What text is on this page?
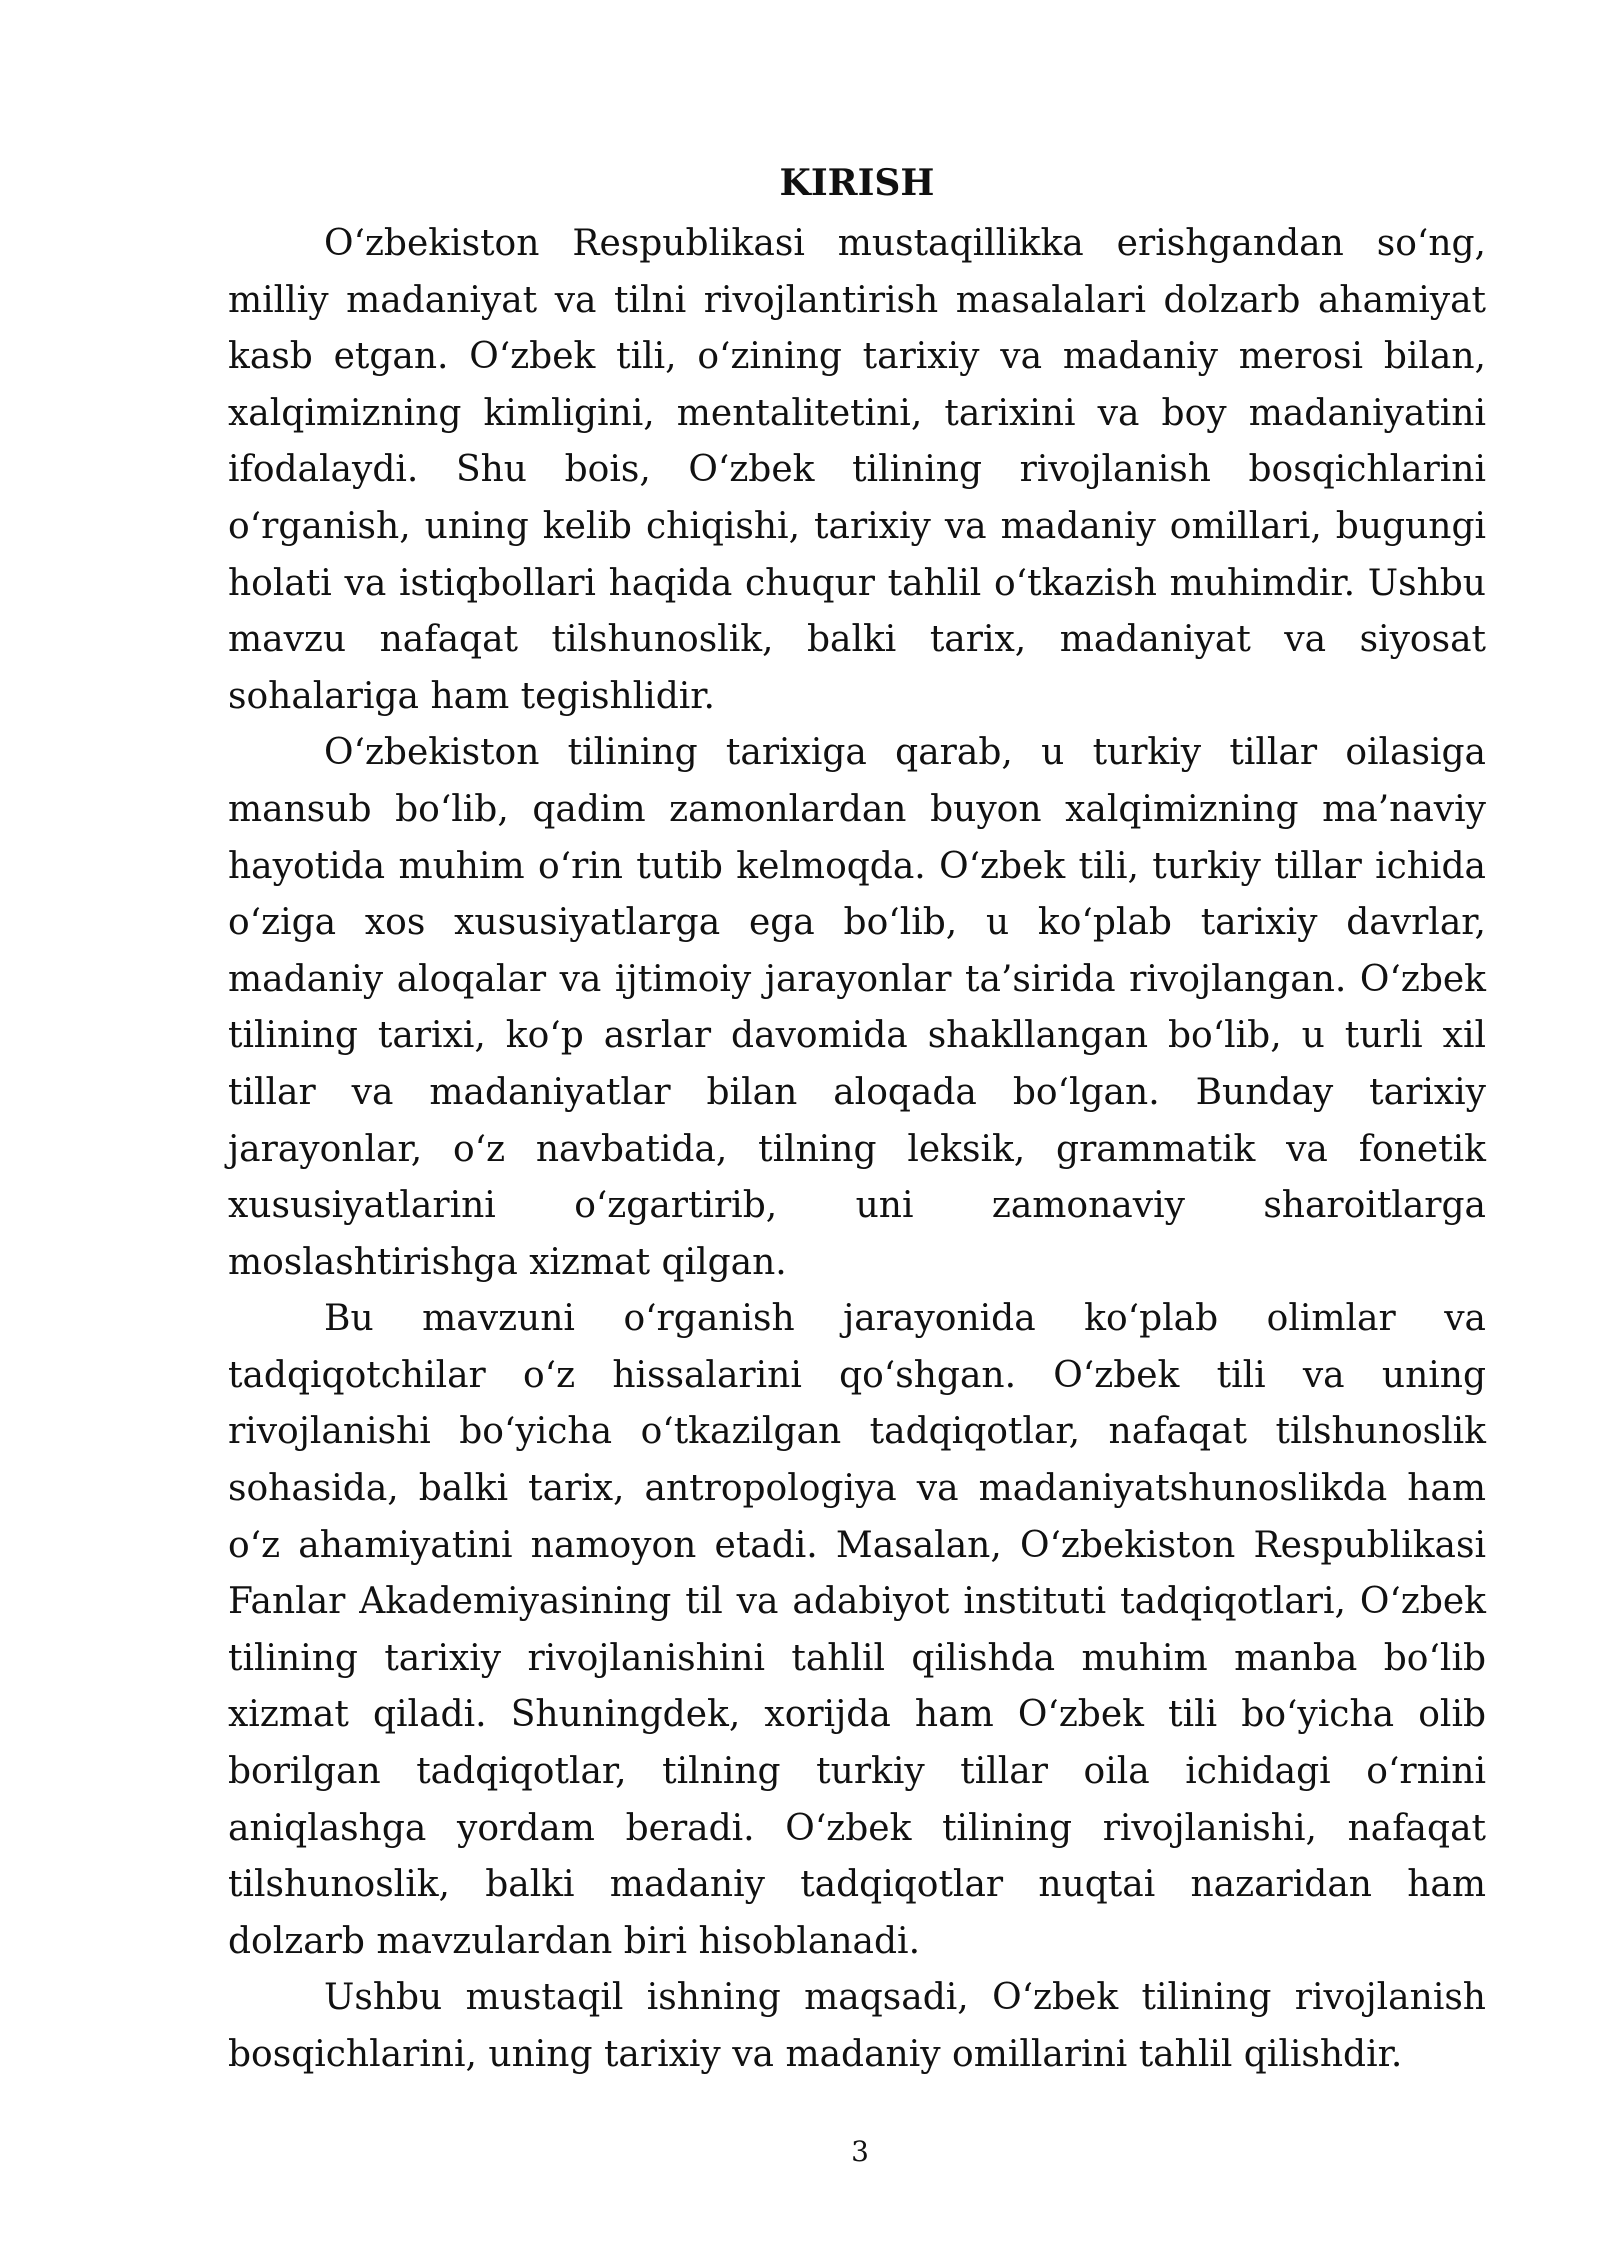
KIRISH

O‘zbekiston Respublikasi mustaqillikka erishgandan so‘ng, milliy madaniyat va tilni rivojlantirish masalalari dolzarb ahamiyat kasb etgan. O‘zbek tili, o‘zining tarixiy va madaniy merosi bilan, xalqimizning kimligini, mentalitetini, tarixini va boy madaniyatini ifodalaydi. Shu bois, O‘zbek tilining rivojlanish bosqichlarini o‘rganish, uning kelib chiqishi, tarixiy va madaniy omillari, bugungi holati va istiqbollari haqida chuqur tahlil o‘tkazish muhimdir. Ushbu mavzu nafaqat tilshunoslik, balki tarix, madaniyat va siyosat sohalariga ham tegishlidir.

O‘zbekiston tilining tarixiga qarab, u turkiy tillar oilasiga mansub bo‘lib, qadim zamonlardan buyon xalqimizning ma’naviy hayotida muhim o‘rin tutib kelmoqda. O‘zbek tili, turkiy tillar ichida o‘ziga xos xususiyatlarga ega bo‘lib, u ko‘plab tarixiy davrlar, madaniy aloqalar va ijtimoiy jarayonlar ta’sirida rivojlangan. O‘zbek tilining tarixi, ko‘p asrlar davomida shakllangan bo‘lib, u turli xil tillar va madaniyatlar bilan aloqada bo‘lgan. Bunday tarixiy jarayonlar, o‘z navbatida, tilning leksik, grammatik va fonetik xususiyatlarini o‘zgartirib, uni zamonaviy sharoitlarga moslashtirishga xizmat qilgan.

Bu mavzuni o‘rganish jarayonida ko‘plab olimlar va tadqiqotchilar o‘z hissalarini qo‘shgan. O‘zbek tili va uning rivojlanishi bo‘yicha o‘tkazilgan tadqiqotlar, nafaqat tilshunoslik sohasida, balki tarix, antropologiya va madaniyatshunoslikda ham o‘z ahamiyatini namoyon etadi. Masalan, O‘zbekiston Respublikasi Fanlar Akademiyasining til va adabiyot instituti tadqiqotlari, O‘zbek tilining tarixiy rivojlanishini tahlil qilishda muhim manba bo‘lib xizmat qiladi. Shuningdek, xorijda ham O‘zbek tili bo‘yicha olib borilgan tadqiqotlar, tilning turkiy tillar oila ichidagi o‘rnini aniqlashga yordam beradi. O‘zbek tilining rivojlanishi, nafaqat tilshunoslik, balki madaniy tadqiqotlar nuqtai nazaridan ham dolzarb mavzulardan biri hisoblanadi.

Ushbu mustaqil ishning maqsadi, O‘zbek tilining rivojlanish bosqichlarini, uning tarixiy va madaniy omillarini tahlil qilishdir.

3
